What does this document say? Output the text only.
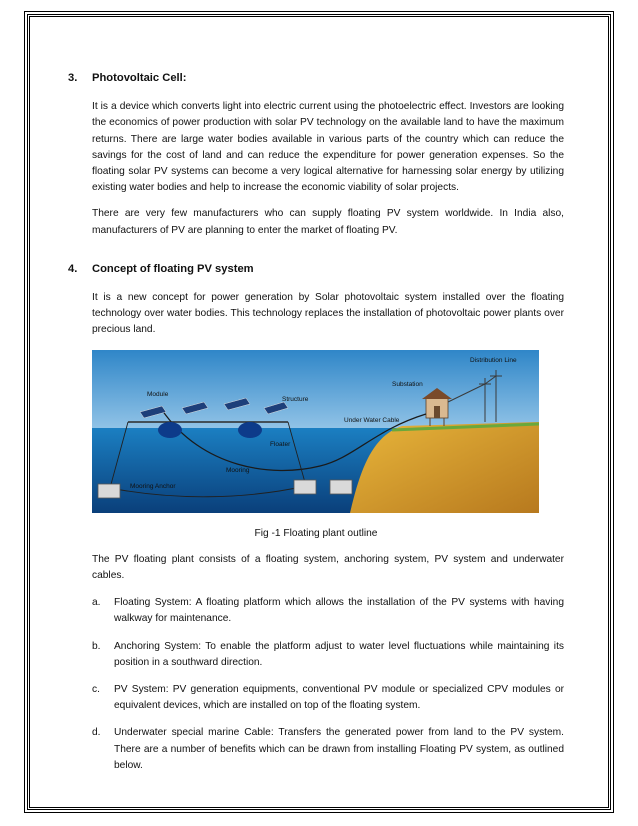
3.	Photovoltaic Cell:

It is a device which converts light into electric current using the photoelectric effect. Investors are looking the economics of power production with solar PV technology on the available land to have the maximum returns. There are large water bodies available in various parts of the country which can reduce the savings for the cost of land and can reduce the expenditure for power generation expenses. So the floating solar PV systems can become a very logical alternative for harnessing solar energy by utilizing existing water bodies and help to increase the economic viability of solar projects.

There are very few manufacturers who can supply floating PV system worldwide. In India also, manufacturers of PV are planning to enter the market of floating PV.

4.	Concept of floating PV system

It is a new concept for power generation by Solar photovoltaic system installed over the floating technology over water bodies. This technology replaces the installation of photovoltaic power plants over precious land.

Distribution Line
Substation
Module
Structure
Under Water Cable
Floater
Mooring
Mooring Anchor
Fig -1 Floating plant outline

The PV floating plant consists of a floating system, anchoring system, PV system and underwater cables.

a.	Floating System: A floating platform which allows the installation of the PV systems with having walkway for maintenance.
b.	Anchoring System: To enable the platform adjust to water level fluctuations while maintaining its position in a southward direction.
c.	PV System: PV generation equipments, conventional PV module or specialized CPV modules or equivalent devices, which are installed on top of the floating system.
d.	Underwater special marine Cable: Transfers the generated power from land to the PV system. There are a number of benefits which can be drawn from installing Floating PV system, as outlined below.
